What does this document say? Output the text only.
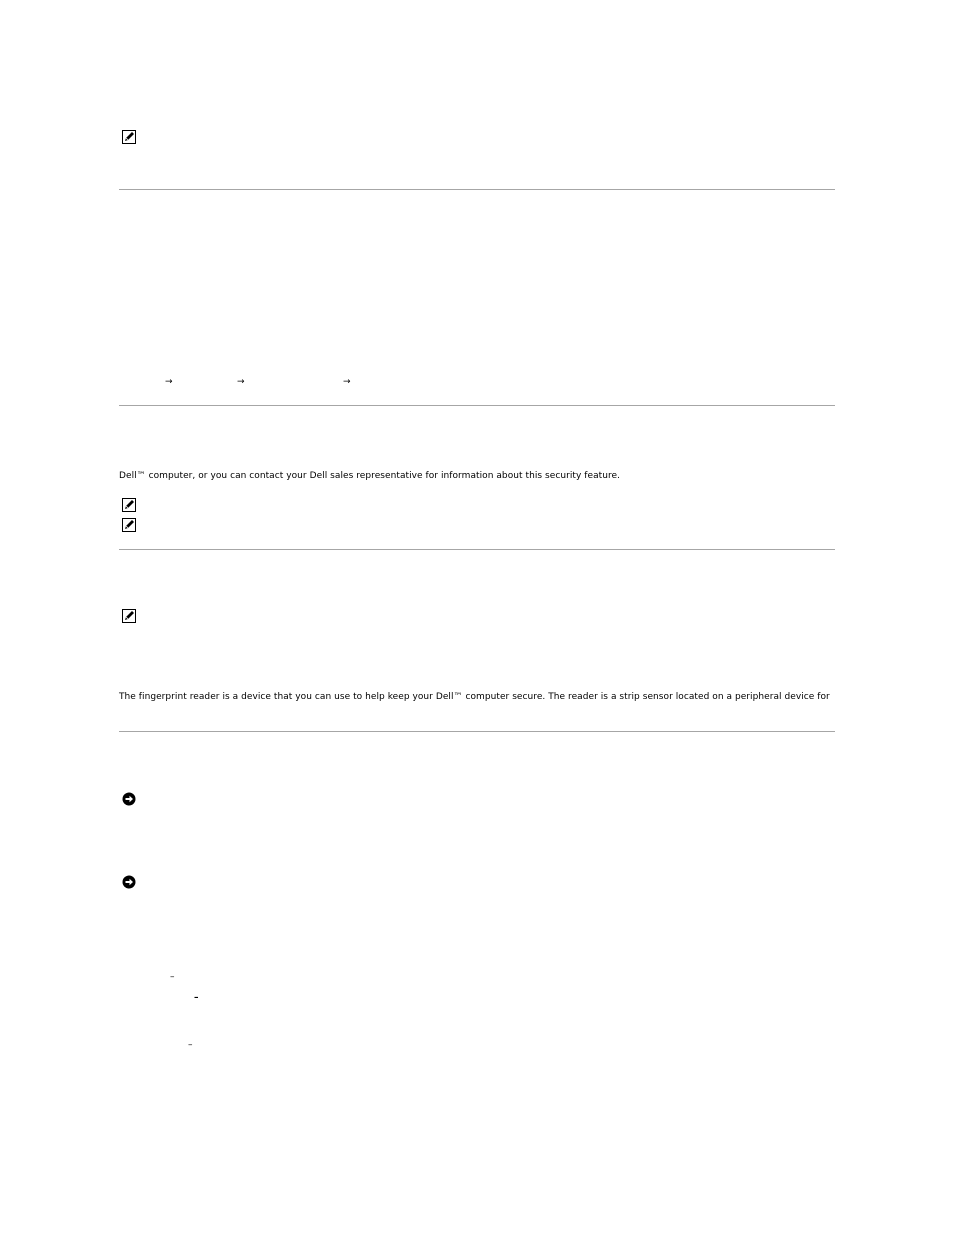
→	→	→
Dell™ computer, or you can contact your Dell sales representative for information about this security feature.
The fingerprint reader is a device that you can use to help keep your Dell™ computer secure. The reader is a strip sensor located on a peripheral device for
–
–
–
